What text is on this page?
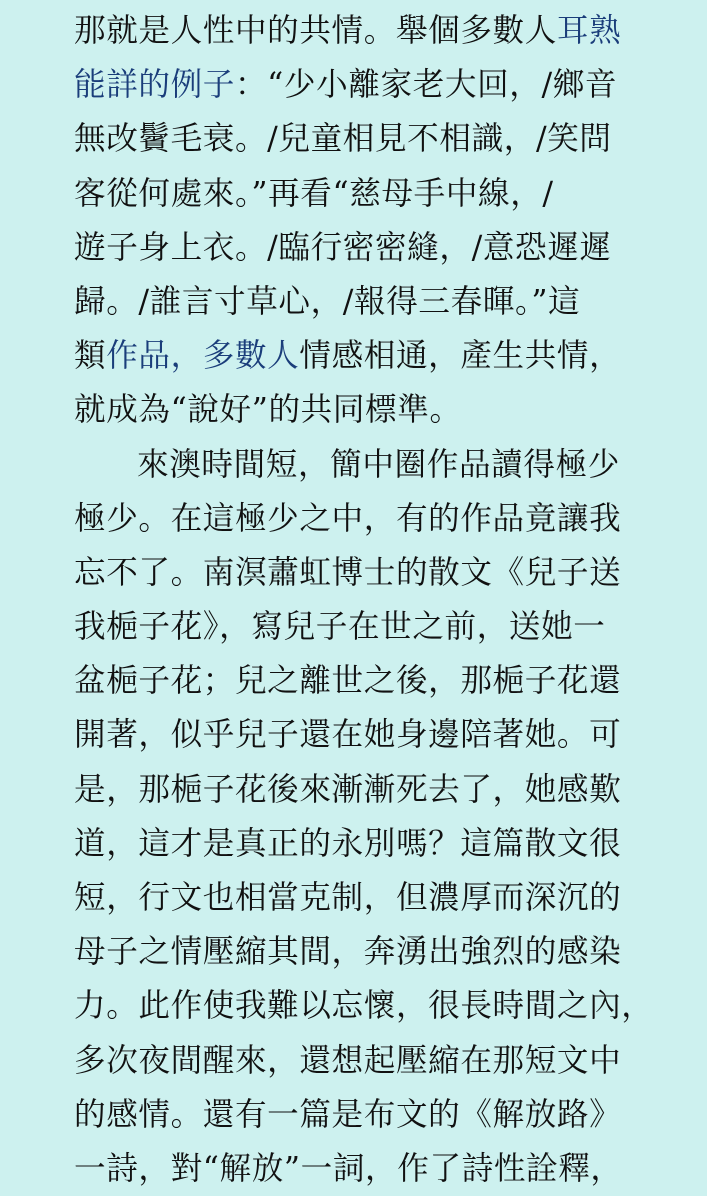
那就是人性中的共情。舉個多數人耳熟
能詳的例子：“少小離家老大回，/鄉音
無改鬢毛衰。/兒童相見不相識，/笑問
客從何處來。”再看“慈母手中線，/
遊子身上衣。/臨行密密縫，/意恐遲遲
歸。/誰言寸草心，/報得三春暉。”這
類作品，多數人情感相通，產生共情，
就成為“說好”的共同標準。
來澳時間短，簡中圈作品讀得極少
極少。在這極少之中，有的作品竟讓我
忘不了。南溟蕭虹博士的散文《兒子送
我梔子花》，寫兒子在世之前，送她一
盆梔子花；兒之離世之後，那梔子花還
開著，似乎兒子還在她身邊陪著她。可
是，那梔子花後來漸漸死去了，她感歎
道，這才是真正的永別嗎？這篇散文很
短，行文也相當克制，但濃厚而深沉的
母子之情壓縮其間，奔湧出強烈的感染
力。此作使我難以忘懷，很長時間之內，
多次夜間醒來，還想起壓縮在那短文中
的感情。還有一篇是布文的《解放路》
一詩，對“解放”一詞，作了詩性詮釋，
